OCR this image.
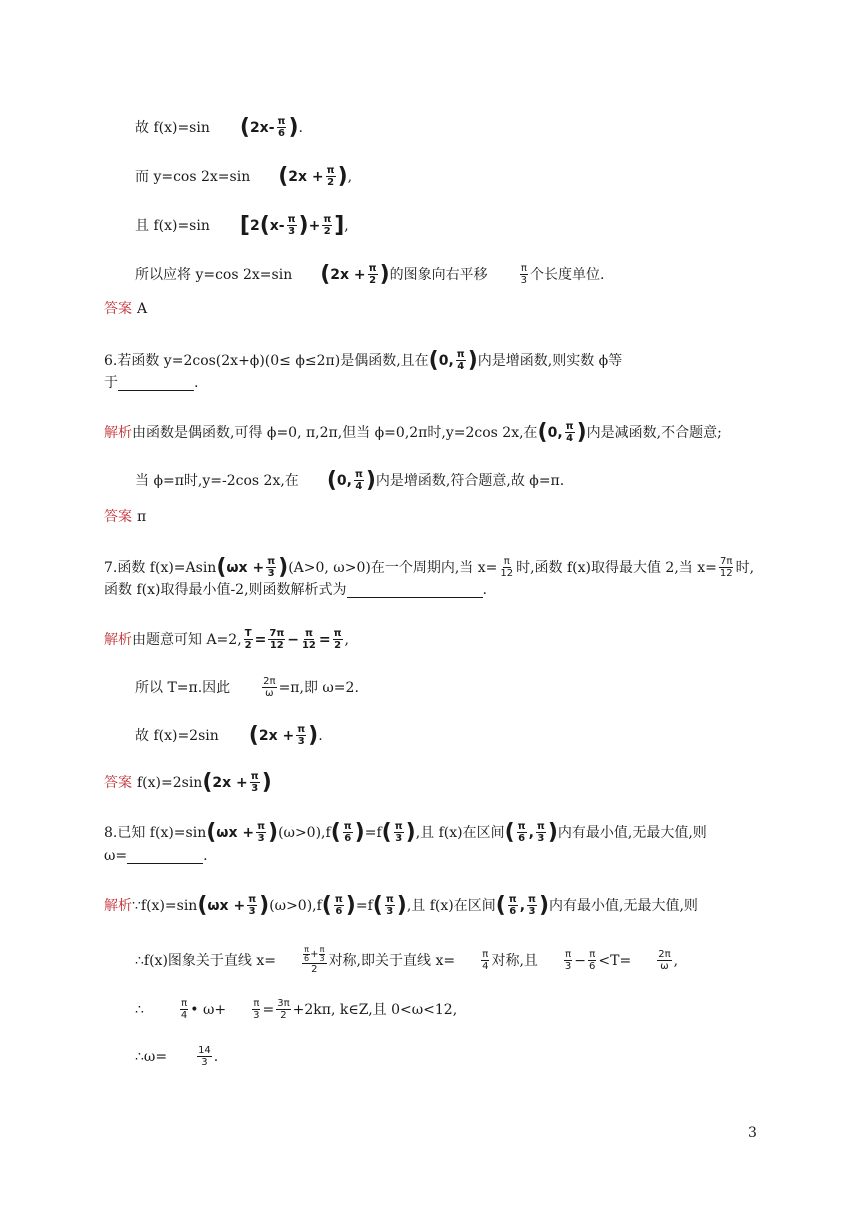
故 f(x)=sin ( $2x- \frac{\pi}{6}$ ) .
而 y=cos 2x=sin ( $2x + \frac{\pi}{2}$ ) ,
且 f(x)=sin [ 2 ( $x- \frac{\pi}{3}$ ) + $\frac{\pi}{2}$ ] ,
所以应将 y=cos 2x=sin ( $2x + \frac{\pi}{2}$ ) 的图象向右平移	$\frac{\pi}{3}$ 个长度单位.
答案 A
6.若函数 y=2cos(2x+ϕ)(0≤ ϕ≤2π)是偶函数,且在 ( 0, $\frac{\pi}{4}$ ) 内是增函数,则实数 ϕ等
于	.
解析 由函数是偶函数,可得 ϕ=0, π,2π,但当 ϕ=0,2π时,y=2cos 2x,在 ( 0, $\frac{\pi}{4}$ ) 内是减函数,不合题意;
当 ϕ=π时,y=-2cos 2x,在 ( 0, $\frac{\pi}{4}$ ) 内是增函数,符合题意,故 ϕ=π.
答案 π
7.函数 f(x)=Asin ( $\omega x + \frac{\pi}{3}$ ) (A>0, ω>0)在一个周期内,当 $x= \frac{\pi}{12}$ 时,函数 f(x)取得最大值 2,当 $x= \frac{7\pi}{12}$ 时,
函数 f(x)取得最小值-2,则函数解析式为	.
解析 由题意可知 A=2, $\frac{T}{2} = \frac{7\pi}{12} - \frac{\pi}{12} = \frac{\pi}{2}$ ,
所以 T=π.因此	$\frac{2\pi}{\omega} =\pi$,即 ω=2.
故 f(x)=2sin ( $2x + \frac{\pi}{3}$ ) .
答案 f(x)=2sin ( $2x + \frac{\pi}{3}$ )
8.已知 f(x)=sin ( $\omega x + \frac{\pi}{3}$ ) (ω>0),f ( $\frac{\pi}{6}$ ) =f ( $\frac{\pi}{3}$ ) ,且 f(x)在区间 ( $\frac{\pi}{6}$ , $\frac{\pi}{3}$ ) 内有最小值,无最大值,则
ω=	.
解析 ∵f(x)=sin ( $\omega x + \frac{\pi}{3}$ ) (ω>0),f ( $\frac{\pi}{6}$ ) =f ( $\frac{\pi}{3}$ ) ,且 f(x)在区间 ( $\frac{\pi}{6}$ , $\frac{\pi}{3}$ ) 内有最小值,无最大值,则
∴f(x)图象关于直线 x=	$\frac{\frac{\pi}{6} + \frac{\pi}{3}}{2}$ 对称,即关于直线 x=	$\frac{\pi}{4}$ 对称,且	$\frac{\pi}{3} - \frac{\pi}{6} <T=$	$\frac{2\pi}{\omega}$ ,
∴	$\frac{\pi}{4}$ • ω+	$\frac{\pi}{3} = \frac{3\pi}{2} +2k\pi$, k∈Z,且 0<ω<12,
∴ω=	$\frac{14}{3}$ .
3
